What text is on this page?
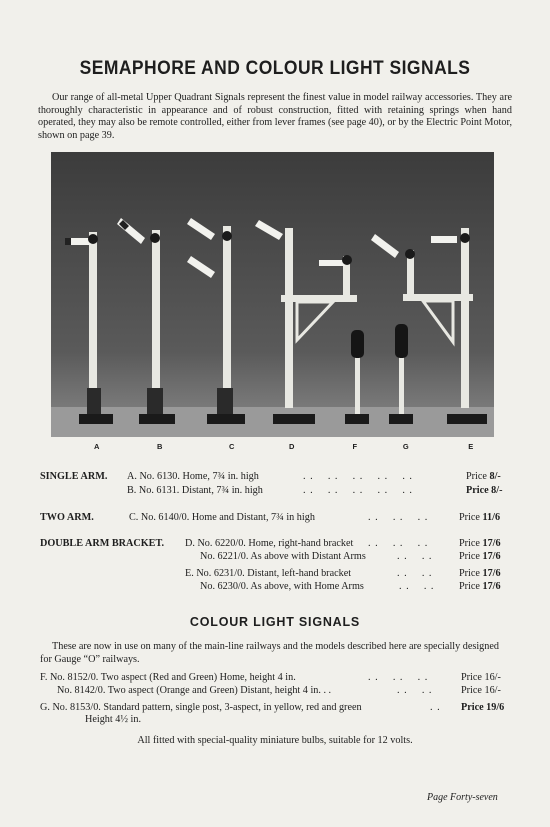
SEMAPHORE AND COLOUR LIGHT SIGNALS
Our range of all-metal Upper Quadrant Signals represent the finest value in model railway accessories. They are thoroughly characteristic in appearance and of robust construction, fitted with retaining springs when hand operated, they may also be remote controlled, either from lever frames (see page 40), or by the Electric Point Motor, shown on page 39.
A	B	C	D	F	G	E
SINGLE ARM. A. No. 6130. Home, 7¾ in. high	. .    . .    . .    . .    . .	Price 8/-
B. No. 6131. Distant, 7¾ in. high	. .    . .    . .    . .    . .	Price 8/-
TWO ARM.	C. No. 6140/0. Home and Distant, 7¾ in high	. .    . .    . .	Price 11/6
DOUBLE ARM BRACKET. D. No. 6220/0. Home, right-hand bracket . .    . .    . .	Price 17/6
No. 6221/0. As above with Distant Arms	. .    . .	Price 17/6
E. No. 6231/0. Distant, left-hand bracket	. .    . .	Price 17/6
No. 6230/0. As above, with Home Arms	. .    . . Price 17/6
COLOUR LIGHT SIGNALS
These are now in use on many of the main-line railways and the models described here are specially designed for Gauge “O” railways.
F. No. 8152/0. Two aspect (Red and Green) Home, height 4 in.	. .    . .    . .	Price 16/-
No. 8142/0. Two aspect (Orange and Green) Distant, height 4 in. . .	. .    . .	Price 16/-
G. No. 8153/0. Standard pattern, single post, 3-aspect, in yellow, red and green	. . Price 19/6
Height 4½ in.
All fitted with special-quality miniature bulbs, suitable for 12 volts.
Page Forty-seven
